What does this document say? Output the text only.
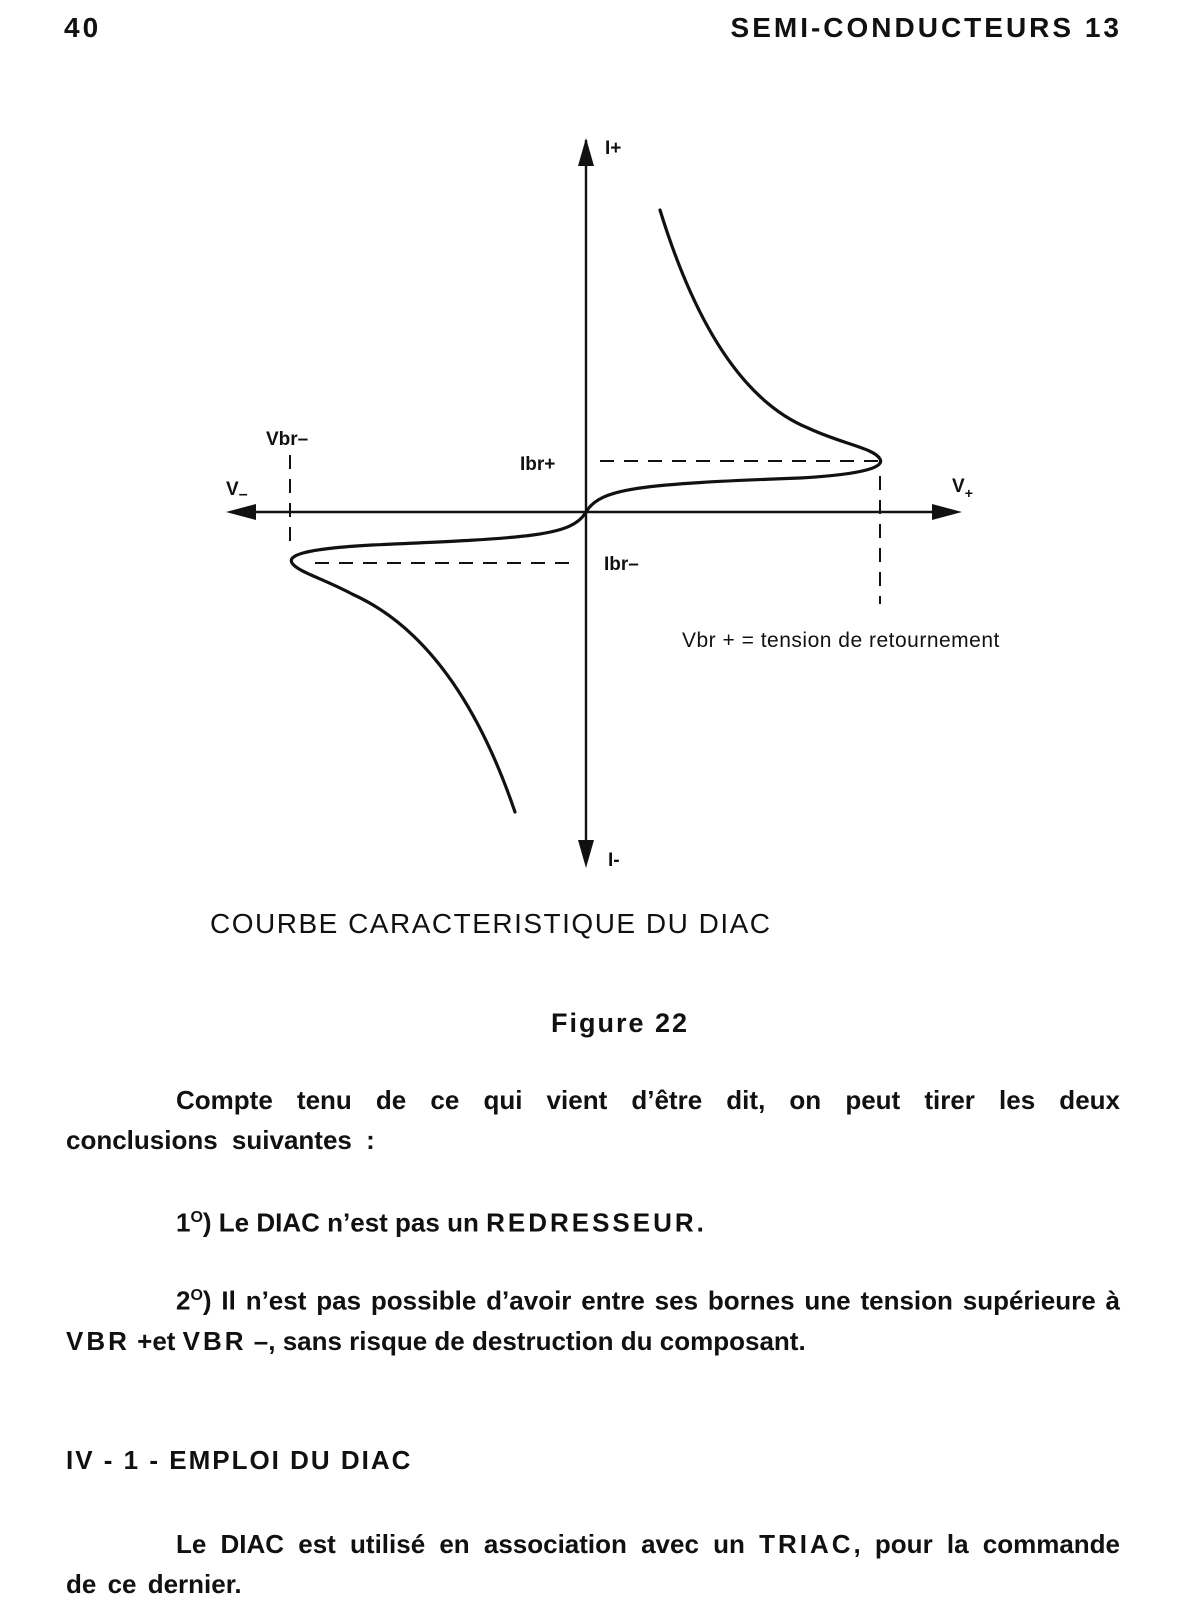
40	SEMI-CONDUCTEURS 13
I+
I-
$V_+$
$V_-$
Vbr–
Ibr+
Ibr–
Vbr + = tension de retournement
COURBE CARACTERISTIQUE DU DIAC
Figure 22
Compte tenu de ce qui vient d’être dit, on peut tirer les deux conclusions suivantes :
$1^O$) Le DIAC n’est pas un REDRESSEUR.
$2^O$) Il n’est pas possible d’avoir entre ses bornes une tension supérieure à VBR +et VBR –, sans risque de destruction du composant.
IV - 1 - EMPLOI DU DIAC
Le DIAC est utilisé en association avec un TRIAC, pour la commande de ce dernier.
